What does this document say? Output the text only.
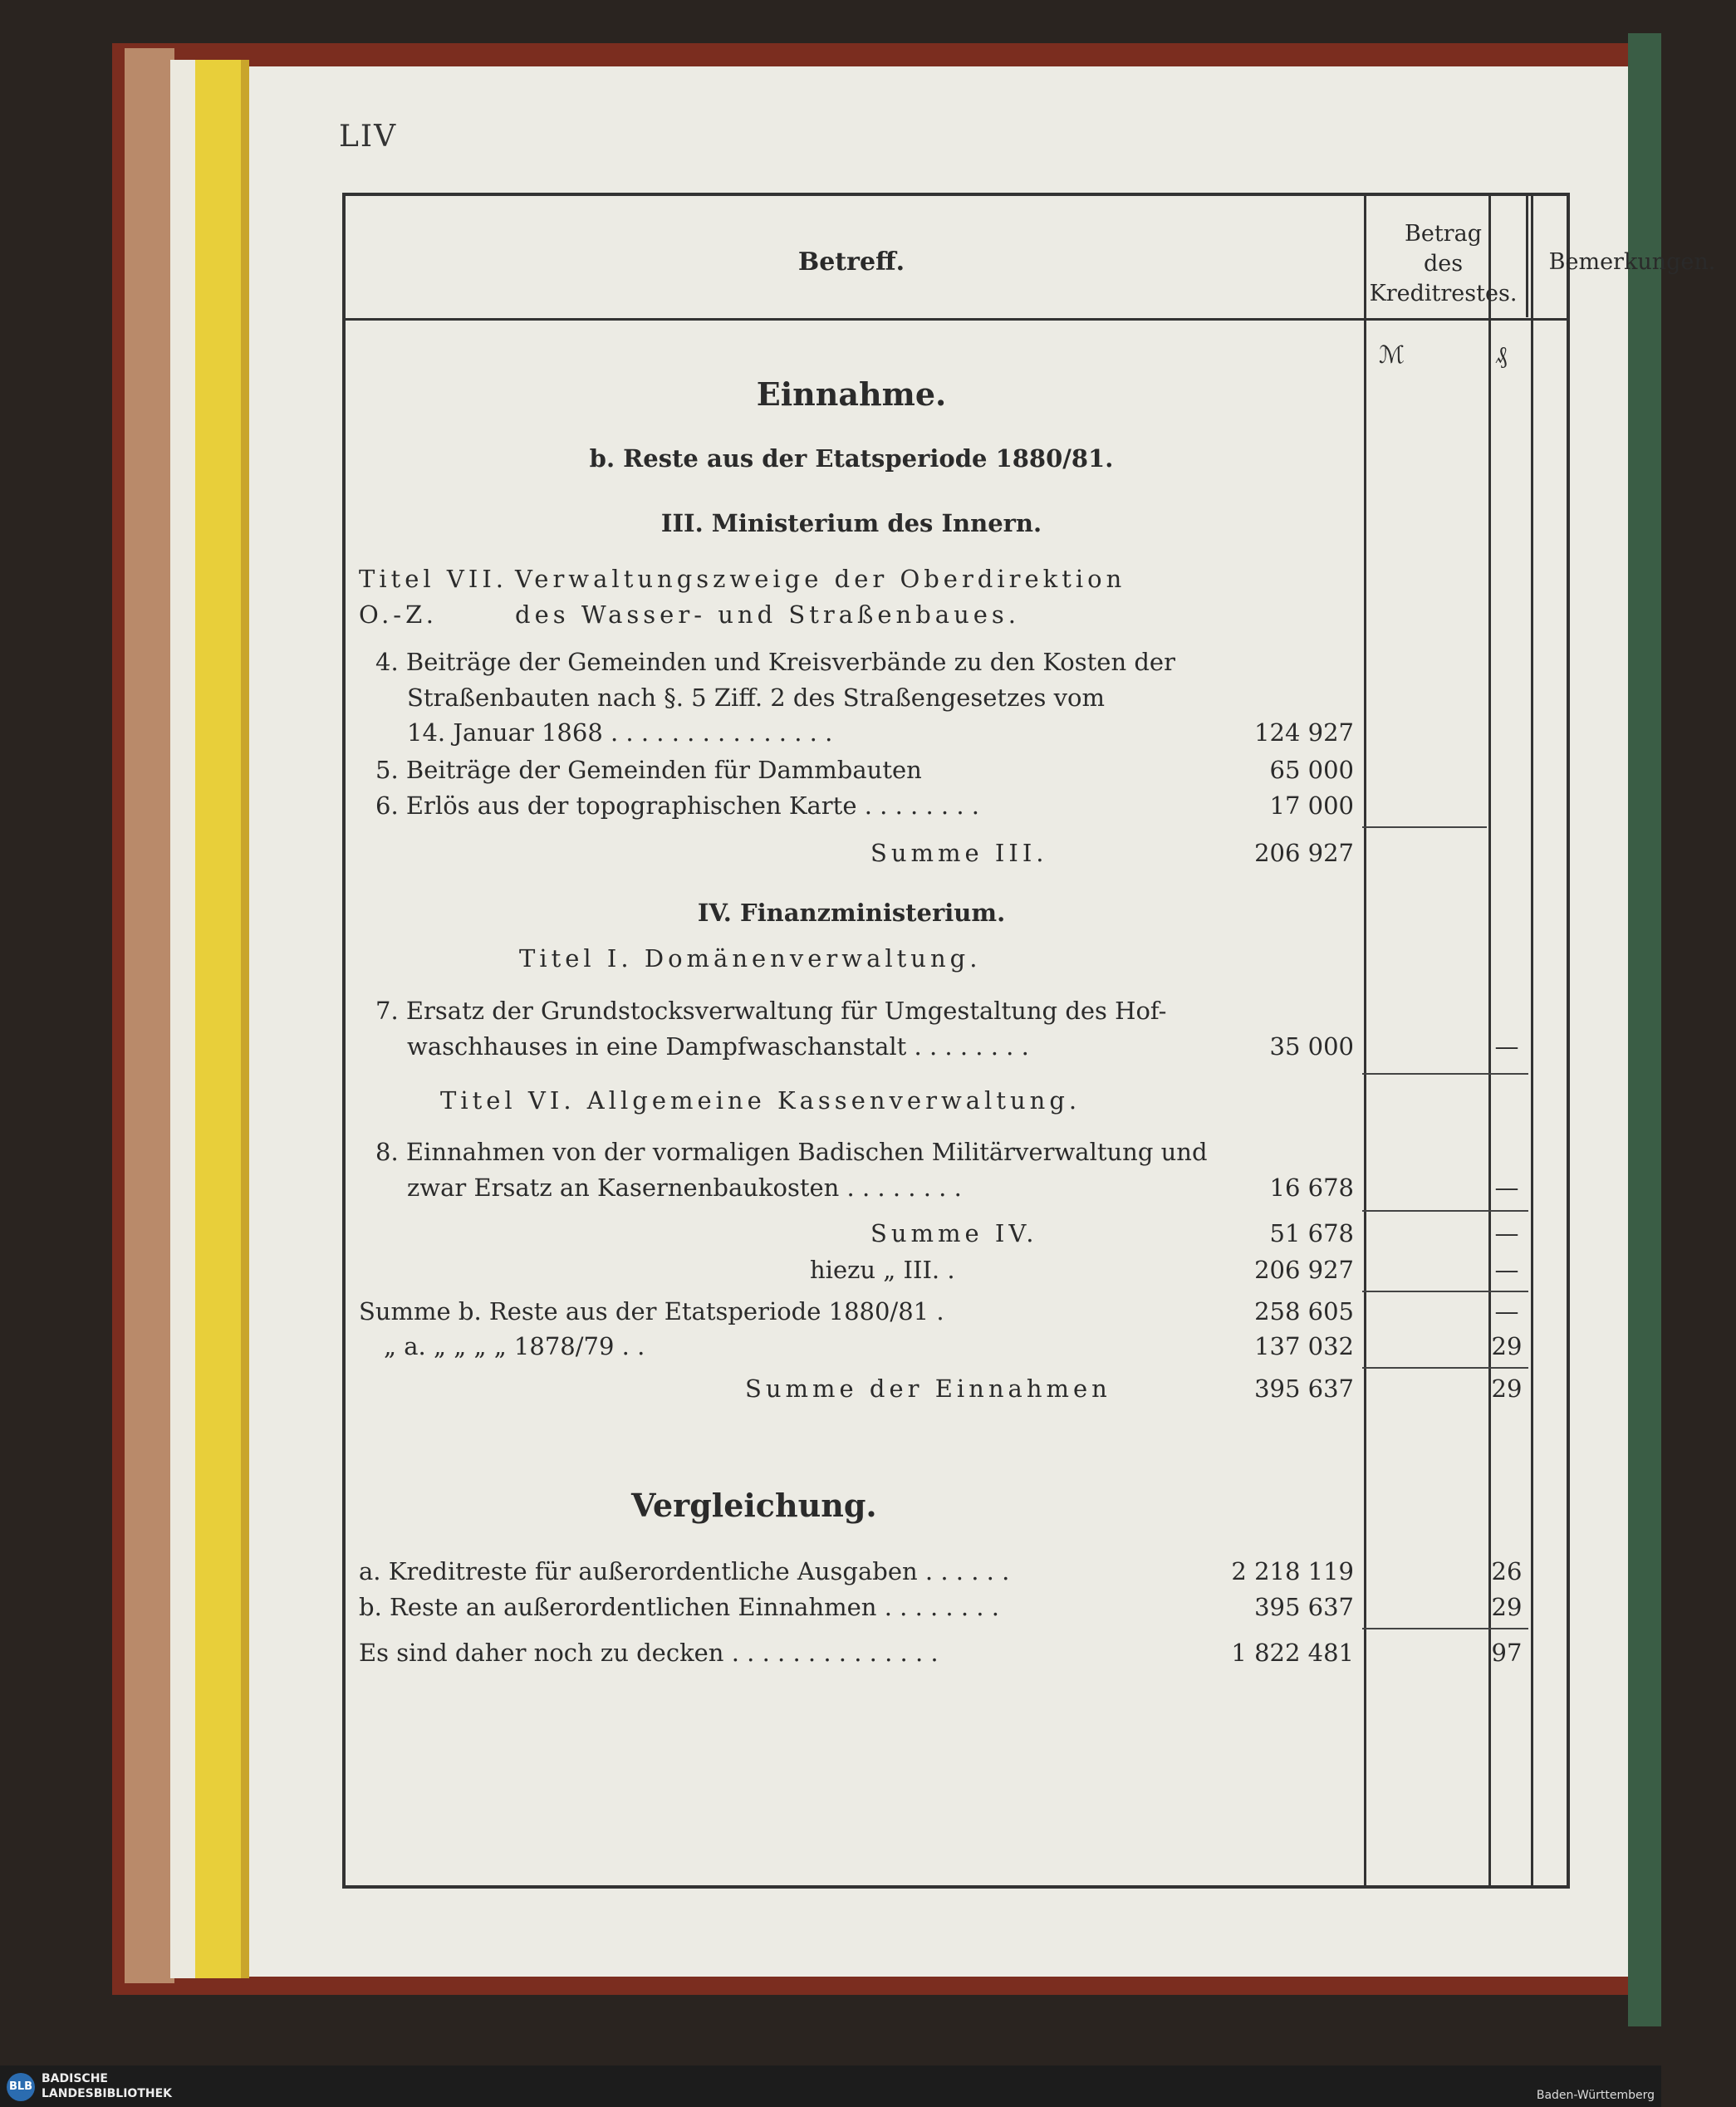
LIV
Betreff.
Betrag
des
Kreditrestes.
Bemerkungen.
ℳ	₰
Einnahme.
b. Reste aus der Etatsperiode 1880/81.
III. Ministerium des Innern.
Titel VII. Verwaltungszweige der Oberdirektion
O.-Z.	des Wasser- und Straßenbaues.
4. Beiträge der Gemeinden und Kreisverbände zu den Kosten der
Straßenbauten nach §. 5 Ziff. 2 des Straßengesetzes vom
14. Januar 1868 . . . . . . . . . . . . . . .	124 927
5. Beiträge der Gemeinden für Dammbauten	65 000
6. Erlös aus der topographischen Karte . . . . . . . .	17 000
Summe III.	206 927
IV. Finanzministerium.
Titel I. Domänenverwaltung.
7. Ersatz der Grundstocksverwaltung für Umgestaltung des Hof-
waschhauses in eine Dampfwaschanstalt . . . . . . . .	35 000	—
Titel VI. Allgemeine Kassenverwaltung.
8. Einnahmen von der vormaligen Badischen Militärverwaltung und
zwar Ersatz an Kasernenbaukosten . . . . . . . .	16 678	—
Summe IV.	51 678	—
hiezu „ III. .	206 927	—
Summe b. Reste aus der Etatsperiode 1880/81 .	258 605	—
„ a. „ „ „ „ 1878/79 . .	137 032	29
Summe der Einnahmen	395 637	29
Vergleichung.
a. Kreditreste für außerordentliche Ausgaben . . . . . .	2 218 119	26
b. Reste an außerordentlichen Einnahmen . . . . . . . .	395 637	29
Es sind daher noch zu decken . . . . . . . . . . . . . .	1 822 481	97
BLB
BADISCHE
LANDESBIBLIOTHEK	Baden-Württemberg
